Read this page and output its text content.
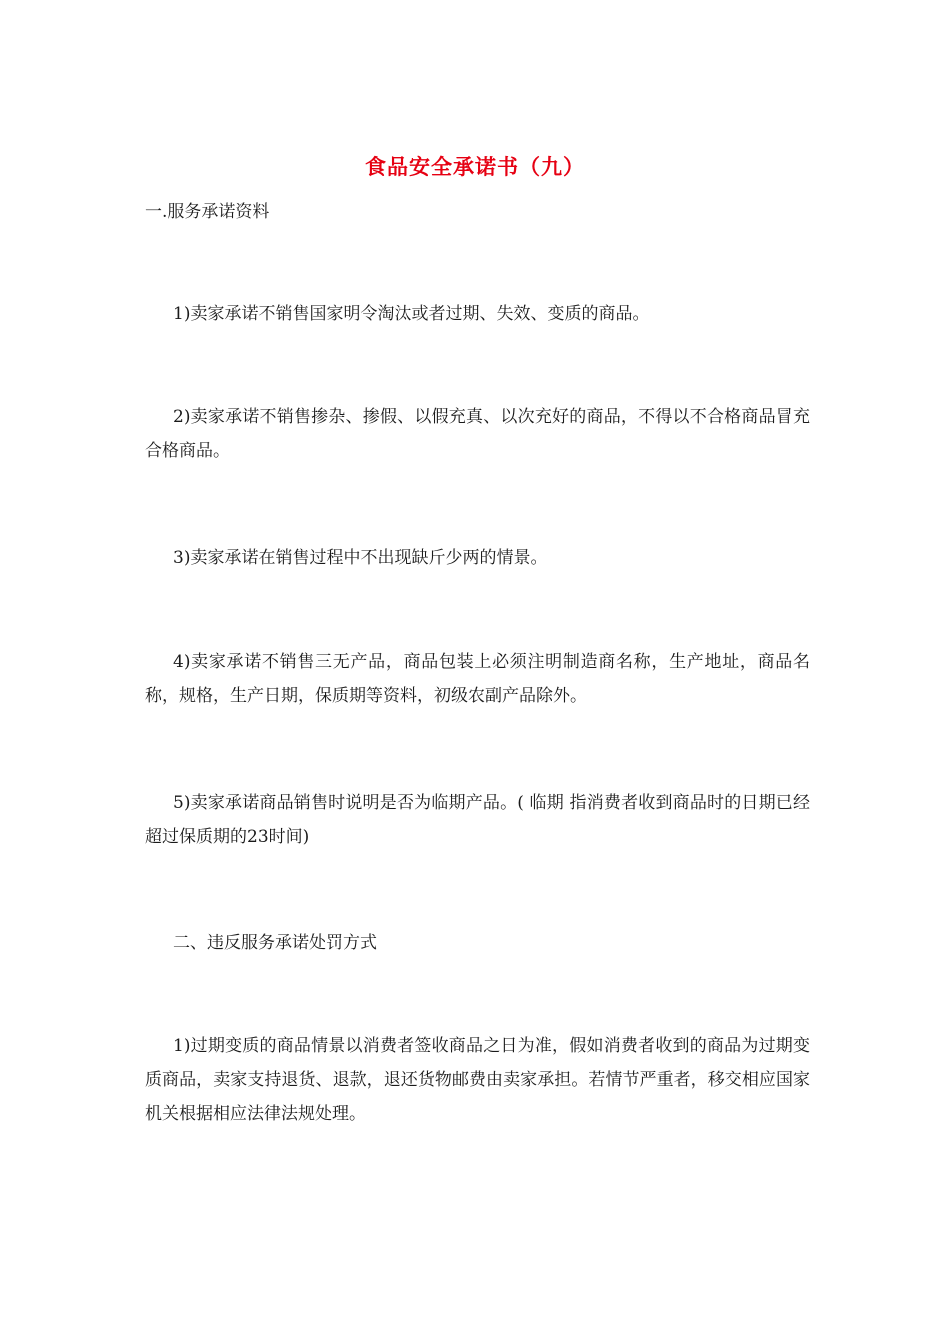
食品安全承诺书（九）
一.服务承诺资料
1)卖家承诺不销售国家明令淘汰或者过期、失效、变质的商品。
2)卖家承诺不销售掺杂、掺假、以假充真、以次充好的商品，不得以不合格商品冒充合格商品。
3)卖家承诺在销售过程中不出现缺斤少两的情景。
4)卖家承诺不销售三无产品，商品包装上必须注明制造商名称，生产地址，商品名称，规格，生产日期，保质期等资料，初级农副产品除外。
5)卖家承诺商品销售时说明是否为临期产品。( 临期 指消费者收到商品时的日期已经超过保质期的23时间)
二、违反服务承诺处罚方式
1)过期变质的商品情景以消费者签收商品之日为准，假如消费者收到的商品为过期变质商品，卖家支持退货、退款，退还货物邮费由卖家承担。若情节严重者，移交相应国家机关根据相应法律法规处理。
